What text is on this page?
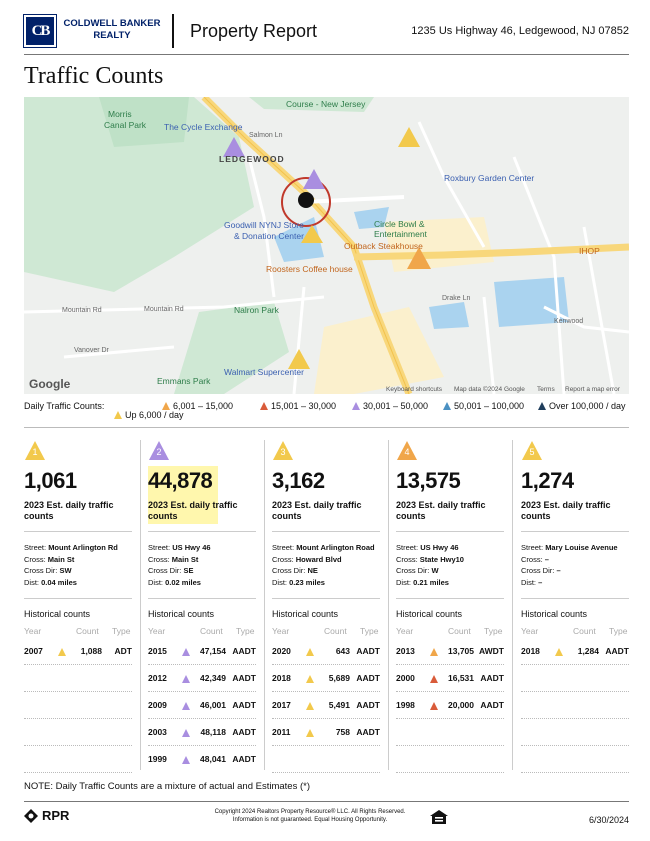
CB COLDWELL BANKER
REALTY	Property Report	1235 Us Highway 46, Ledgewood, NJ 07852
Traffic Counts
Morris
Canal Park The Cycle Exchange
LEDGEWOOD
Course - New Jersey
Roxbury Garden Center
Circle Bowl &
Entertainment
Outback Steakhouse
Goodwill NYNJ Store
& Donation Center
Roosters Coffee house
IHOP
Nalron Park
Walmart Supercenter
Emmans Park
Mountain Rd	Mountain Rd
Vanover Dr
Drake Ln
Kenwood
Salmon Ln
Google	Keyboard shortcuts Map data ©2024 Google Terms Report a map error
Daily Traffic Counts:	6,001 – 15,000	15,001 – 30,000	30,001 – 50,000	50,001 – 100,000	Over 100,000 / day
Up 6,000 / day
1
1,061
2023 Est. daily traffic counts
Street: Mount Arlington Rd
Cross: Main St
Cross Dir: SW
Dist: 0.04 miles
Historical counts
Year	Count Type
2007	1,088 ADT
2
44,878
2023 Est. daily traffic counts
Street: US Hwy 46
Cross: Main St
Cross Dir: SE
Dist: 0.02 miles
Historical counts
Year	Count Type
2015	47,154 AADT
2012	42,349 AADT
2009	46,001 AADT
2003	48,118 AADT
1999	48,041 AADT
3
3,162
2023 Est. daily traffic counts
Street: Mount Arlington Road
Cross: Howard Blvd
Cross Dir: NE
Dist: 0.23 miles
Historical counts
Year	Count Type
2020	643 AADT
2018	5,689 AADT
2017	5,491 AADT
2011	758 AADT
4
13,575
2023 Est. daily traffic counts
Street: US Hwy 46
Cross: State Hwy10
Cross Dir: W
Dist: 0.21 miles
Historical counts
Year	Count Type
2013	13,705 AWDT
2000	16,531 AADT
1998	20,000 AADT
5
1,274
2023 Est. daily traffic counts
Street: Mary Louise Avenue
Cross: –
Cross Dir: –
Dist: –
Historical counts
Year	Count Type
2018	1,284 AADT
NOTE: Daily Traffic Counts are a mixture of actual and Estimates (*)
RPR	Copyright 2024 Realtors Property Resource® LLC. All Rights Reserved.
Information is not guaranteed. Equal Housing Opportunity.	6/30/2024
